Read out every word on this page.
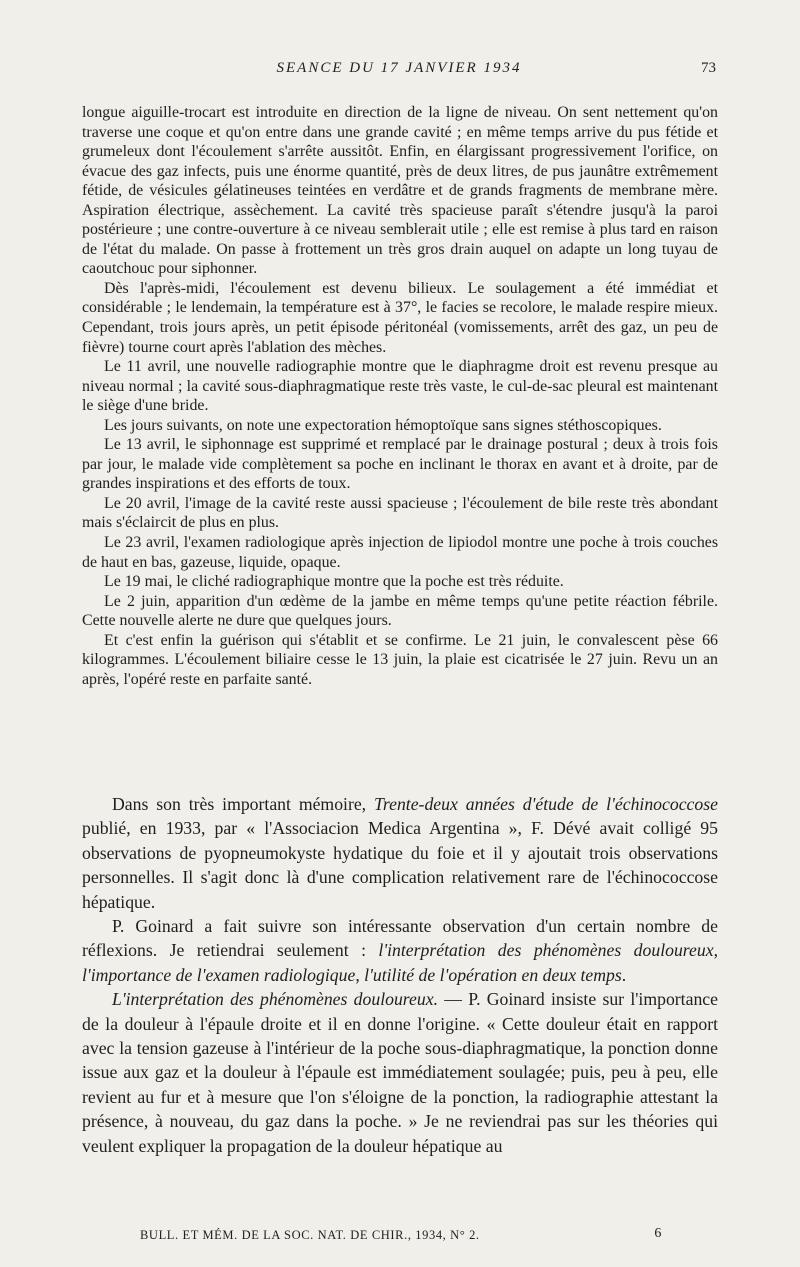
SEANCE DU 17 JANVIER 1934	73

longue aiguille-trocart est introduite en direction de la ligne de niveau. On sent nettement qu'on traverse une coque et qu'on entre dans une grande cavité ; en même temps arrive du pus fétide et grumeleux dont l'écoulement s'arrête aussitôt. Enfin, en élargissant progressivement l'orifice, on évacue des gaz infects, puis une énorme quantité, près de deux litres, de pus jaunâtre extrêmement fétide, de vésicules gélatineuses teintées en verdâtre et de grands fragments de membrane mère. Aspiration électrique, assèchement. La cavité très spacieuse paraît s'étendre jusqu'à la paroi postérieure ; une contre-ouverture à ce niveau semblerait utile ; elle est remise à plus tard en raison de l'état du malade. On passe à frottement un très gros drain auquel on adapte un long tuyau de caoutchouc pour siphonner.

Dès l'après-midi, l'écoulement est devenu bilieux. Le soulagement a été immédiat et considérable ; le lendemain, la température est à 37°, le facies se recolore, le malade respire mieux. Cependant, trois jours après, un petit épisode péritonéal (vomissements, arrêt des gaz, un peu de fièvre) tourne court après l'ablation des mèches.

Le 11 avril, une nouvelle radiographie montre que le diaphragme droit est revenu presque au niveau normal ; la cavité sous-diaphragmatique reste très vaste, le cul-de-sac pleural est maintenant le siège d'une bride.

Les jours suivants, on note une expectoration hémoptoïque sans signes stéthoscopiques.

Le 13 avril, le siphonnage est supprimé et remplacé par le drainage postural ; deux à trois fois par jour, le malade vide complètement sa poche en inclinant le thorax en avant et à droite, par de grandes inspirations et des efforts de toux.

Le 20 avril, l'image de la cavité reste aussi spacieuse ; l'écoulement de bile reste très abondant mais s'éclaircit de plus en plus.

Le 23 avril, l'examen radiologique après injection de lipiodol montre une poche à trois couches de haut en bas, gazeuse, liquide, opaque.

Le 19 mai, le cliché radiographique montre que la poche est très réduite.

Le 2 juin, apparition d'un œdème de la jambe en même temps qu'une petite réaction fébrile. Cette nouvelle alerte ne dure que quelques jours.

Et c'est enfin la guérison qui s'établit et se confirme. Le 21 juin, le convalescent pèse 66 kilogrammes. L'écoulement biliaire cesse le 13 juin, la plaie est cicatrisée le 27 juin. Revu un an après, l'opéré reste en parfaite santé.

Dans son très important mémoire, Trente-deux années d'étude de l'échinococcose publié, en 1933, par « l'Associacion Medica Argentina », F. Dévé avait colligé 95 observations de pyopneumokyste hydatique du foie et il y ajoutait trois observations personnelles. Il s'agit donc là d'une complication relativement rare de l'échinococcose hépatique.

P. Goinard a fait suivre son intéressante observation d'un certain nombre de réflexions. Je retiendrai seulement : l'interprétation des phénomènes douloureux, l'importance de l'examen radiologique, l'utilité de l'opération en deux temps.

L'interprétation des phénomènes douloureux. — P. Goinard insiste sur l'importance de la douleur à l'épaule droite et il en donne l'origine. « Cette douleur était en rapport avec la tension gazeuse à l'intérieur de la poche sous-diaphragmatique, la ponction donne issue aux gaz et la douleur à l'épaule est immédiatement soulagée; puis, peu à peu, elle revient au fur et à mesure que l'on s'éloigne de la ponction, la radiographie attestant la présence, à nouveau, du gaz dans la poche. » Je ne reviendrai pas sur les théories qui veulent expliquer la propagation de la douleur hépatique au

BULL. ET MÉM. DE LA SOC. NAT. DE CHIR., 1934, N° 2.	6
